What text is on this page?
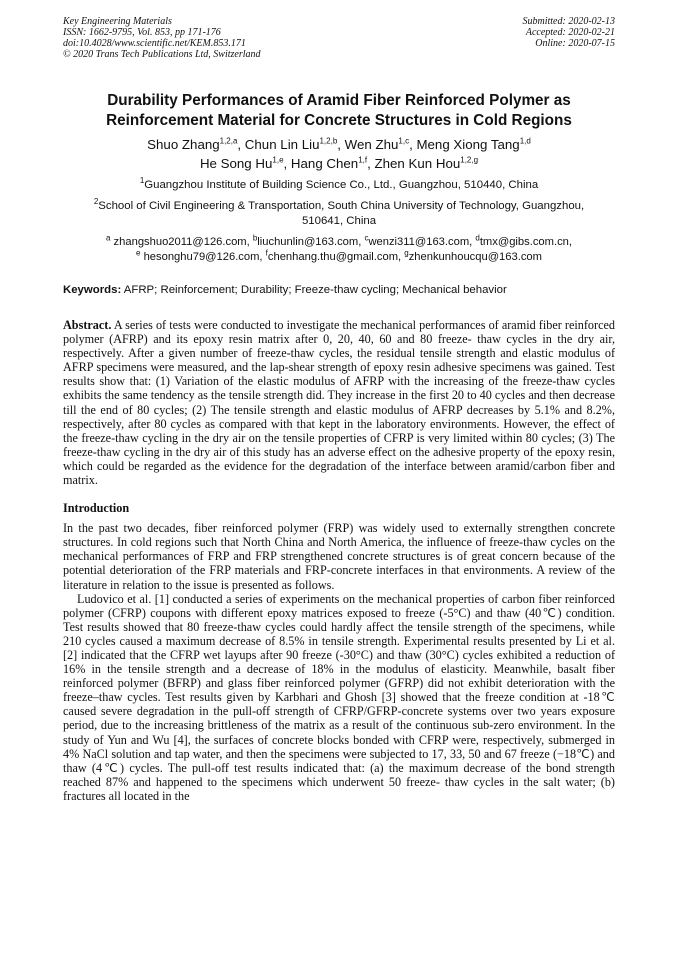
Key Engineering Materials
ISSN: 1662-9795, Vol. 853, pp 171-176
doi:10.4028/www.scientific.net/KEM.853.171
© 2020 Trans Tech Publications Ltd, Switzerland
Submitted: 2020-02-13
Accepted: 2020-02-21
Online: 2020-07-15
Durability Performances of Aramid Fiber Reinforced Polymer as
Reinforcement Material for Concrete Structures in Cold Regions
Shuo Zhang$^{1,2,a}$, Chun Lin Liu$^{1,2,b}$, Wen Zhu$^{1,c}$, Meng Xiong Tang$^{1,d}$
He Song Hu$^{1,e}$, Hang Chen$^{1,f}$, Zhen Kun Hou$^{1,2,g}$
$^1$Guangzhou Institute of Building Science Co., Ltd., Guangzhou, 510440, China
$^2$School of Civil Engineering & Transportation, South China University of Technology, Guangzhou,
510641, China
$^a$ zhangshuo2011@126.com, $^b$liuchunlin@163.com, $^c$wenzi311@163.com, $^d$tmx@gibs.com.cn,
$^e$ hesonghu79@126.com, $^f$chenhang.thu@gmail.com, $^g$zhenkunhoucqu@163.com
Keywords: AFRP; Reinforcement; Durability; Freeze-thaw cycling; Mechanical behavior

Abstract. A series of tests were conducted to investigate the mechanical performances of aramid fiber reinforced polymer (AFRP) and its epoxy resin matrix after 0, 20, 40, 60 and 80 freeze- thaw cycles in the dry air, respectively. After a given number of freeze-thaw cycles, the residual tensile strength and elastic modulus of AFRP specimens were measured, and the lap-shear strength of epoxy resin adhesive specimens was gained. Test results show that: (1) Variation of the elastic modulus of AFRP with the increasing of the freeze-thaw cycles exhibits the same tendency as the tensile strength did. They increase in the first 20 to 40 cycles and then decrease till the end of 80 cycles; (2) The tensile strength and elastic modulus of AFRP decreases by 5.1% and 8.2%, respectively, after 80 cycles as compared with that kept in the laboratory environments. However, the effect of the freeze-thaw cycling in the dry air on the tensile properties of CFRP is very limited within 80 cycles; (3) The freeze-thaw cycling in the dry air of this study has an adverse effect on the adhesive property of the epoxy resin, which could be regarded as the evidence for the degradation of the interface between aramid/carbon fiber and matrix.

Introduction

In the past two decades, fiber reinforced polymer (FRP) was widely used to externally strengthen concrete structures. In cold regions such that North China and North America, the influence of freeze-thaw cycles on the mechanical performances of FRP and FRP strengthened concrete structures is of great concern because of the potential deterioration of the FRP materials and FRP-concrete interfaces in that environments. A review of the literature in relation to the issue is presented as follows.

Ludovico et al. [1] conducted a series of experiments on the mechanical properties of carbon fiber reinforced polymer (CFRP) coupons with different epoxy matrices exposed to freeze (-5°C) and thaw (40℃) condition. Test results showed that 80 freeze-thaw cycles could hardly affect the tensile strength of the specimens, while 210 cycles caused a maximum decrease of 8.5% in tensile strength. Experimental results presented by Li et al. [2] indicated that the CFRP wet layups after 90 freeze (-30°C) and thaw (30°C) cycles exhibited a reduction of 16% in the tensile strength and a decrease of 18% in the modulus of elasticity. Meanwhile, basalt fiber reinforced polymer (BFRP) and glass fiber reinforced polymer (GFRP) did not exhibit deterioration with the freeze–thaw cycles. Test results given by Karbhari and Ghosh [3] showed that the freeze condition at -18℃ caused severe degradation in the pull-off strength of CFRP/GFRP-concrete systems over two years exposure period, due to the increasing brittleness of the matrix as a result of the continuous sub-zero environment. In the study of Yun and Wu [4], the surfaces of concrete blocks bonded with CFRP were, respectively, submerged in 4% NaCl solution and tap water, and then the specimens were subjected to 17, 33, 50 and 67 freeze (−18℃) and thaw (4℃) cycles. The pull-off test results indicated that: (a) the maximum decrease of the bond strength reached 87% and happened to the specimens which underwent 50 freeze- thaw cycles in the salt water; (b) fractures all located in the
